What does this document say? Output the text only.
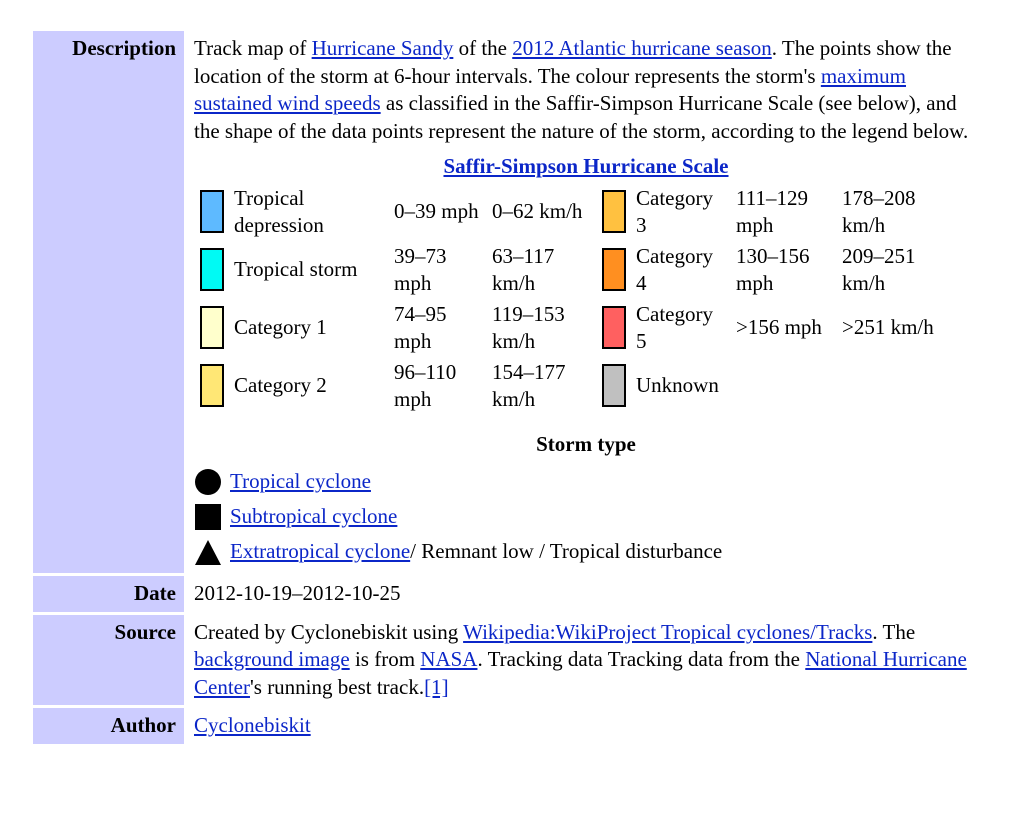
Description	Track map of Hurricane Sandy of the 2012 Atlantic hurricane season. The points show the location of the storm at 6-hour intervals. The colour represents the storm's maximum sustained wind speeds as classified in the Saffir-Simpson Hurricane Scale (see below), and the shape of the data points represent the nature of the storm, according to the legend below.
Saffir-Simpson Hurricane Scale
	Tropical depression	0–39 mph	0–62 km/h		Category 3	111–129 mph	178–208 km/h
	Tropical storm	39–73 mph	63–117 km/h		Category 4	130–156 mph	209–251 km/h
	Category 1	74–95 mph	119–153 km/h		Category 5	>156 mph	>251 km/h
	Category 2	96–110 mph	154–177 km/h		Unknown		
Storm type
Tropical cyclone
Subtropical cyclone
Extratropical cyclone / Remnant low / Tropical disturbance

Date	2012-10-19–2012-10-25
Source	Created by Cyclonebiskit using Wikipedia:WikiProject Tropical cyclones/Tracks. The background image is from NASA. Tracking data Tracking data from the National Hurricane Center's running best track.[1]
Author	Cyclonebiskit
